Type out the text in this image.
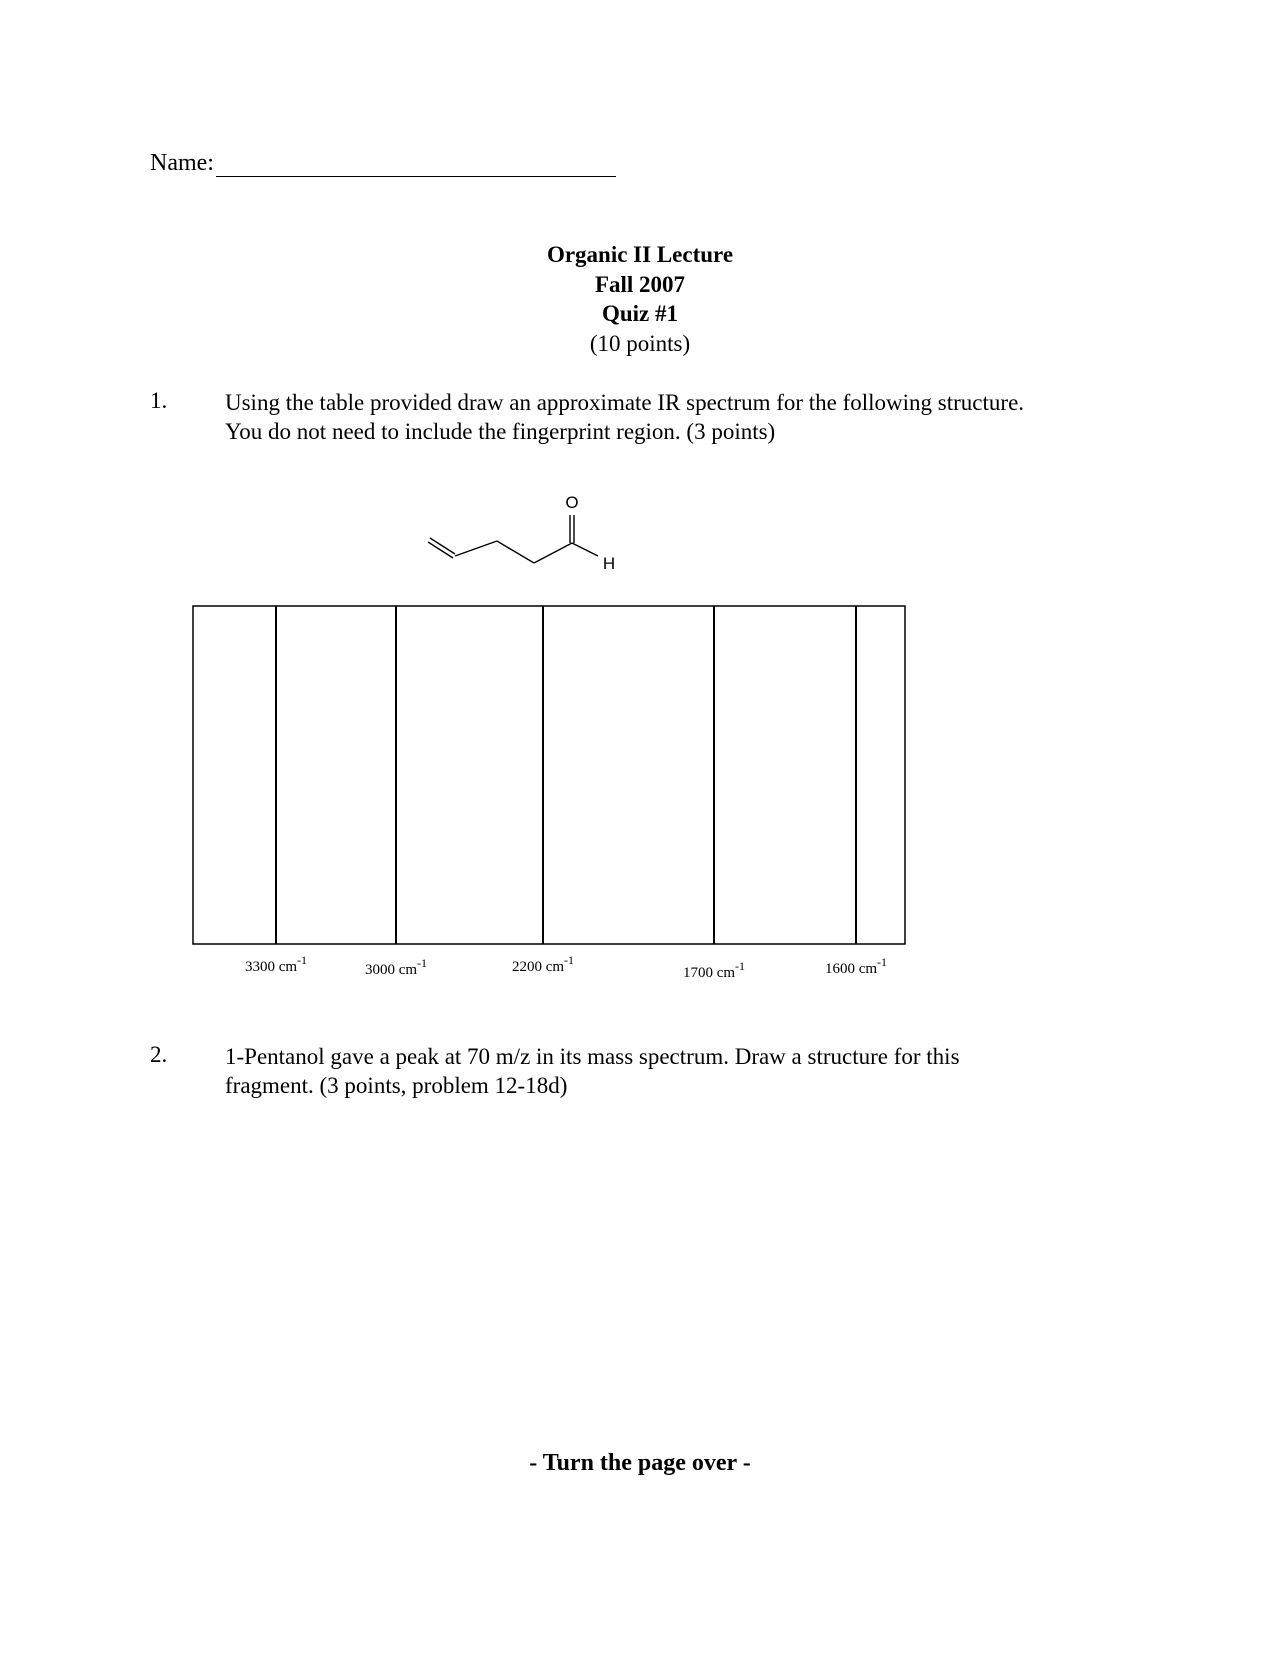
Name:
Organic II Lecture
Fall 2007
Quiz #1
(10 points)
1.	Using the table provided draw an approximate IR spectrum for the following structure.
You do not need to include the fingerprint region. (3 points)
O
H
3300 $cm^{-1}$
3000 $cm^{-1}$	2200 $cm^{-1}$
1700 $cm^{-1}$	1600 $cm^{-1}$
2.	1-Pentanol gave a peak at 70 m/z in its mass spectrum. Draw a structure for this
fragment. (3 points, problem 12-18d)
- Turn the page over -
